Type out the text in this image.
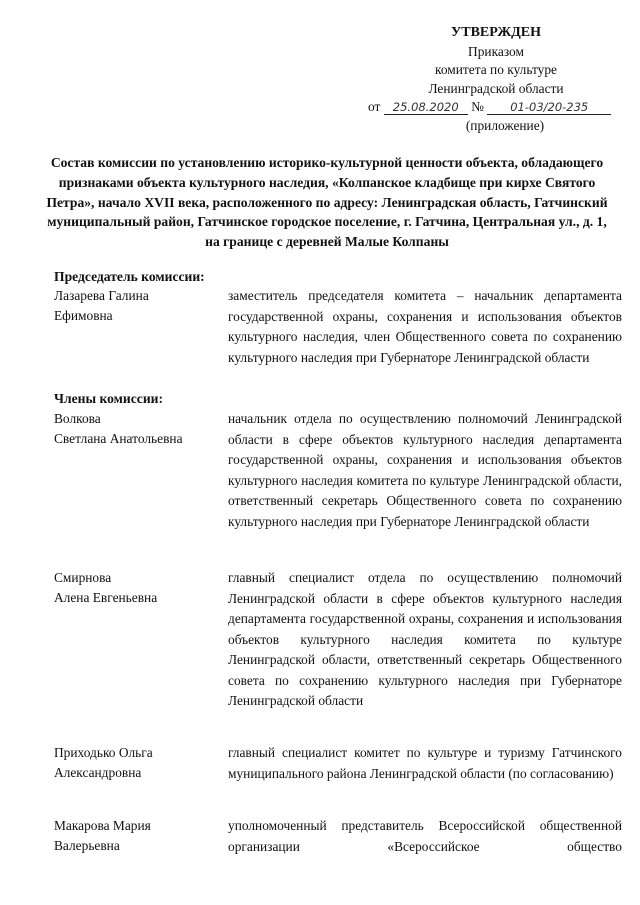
УТВЕРЖДЕН
Приказом
комитета по культуре
Ленинградской области
от 25.08.2020 № 01-03/20-235
(приложение)
Состав комиссии по установлению историко-культурной ценности объекта, обладающего признаками объекта культурного наследия, «Колпанское кладбище при кирхе Святого Петра», начало XVII века, расположенного по адресу: Ленинградская область, Гатчинский муниципальный район, Гатчинское городское поселение, г. Гатчина, Центральная ул., д. 1, на границе с деревней Малые Колпаны
Председатель комиссии:
Лазарева Галина
Ефимовна
заместитель председателя комитета – начальник департамента государственной охраны, сохранения и использования объектов культурного наследия, член Общественного совета по сохранению культурного наследия при Губернаторе Ленинградской области
Члены комиссии:
Волкова
Светлана Анатольевна
начальник отдела по осуществлению полномочий Ленинградской области в сфере объектов культурного наследия департамента государственной охраны, сохранения и использования объектов культурного наследия комитета по культуре Ленинградской области, ответственный секретарь Общественного совета по сохранению культурного наследия при Губернаторе Ленинградской области
Смирнова
Алена Евгеньевна
главный специалист отдела по осуществлению полномочий Ленинградской области в сфере объектов культурного наследия департамента государственной охраны, сохранения и использования объектов культурного наследия комитета по культуре Ленинградской области, ответственный секретарь Общественного совета по сохранению культурного наследия при Губернаторе Ленинградской области
Приходько Ольга
Александровна
главный специалист комитет по культуре и туризму Гатчинского муниципального района Ленинградской области (по согласованию)
Макарова Мария
Валерьевна
уполномоченный представитель Всероссийской общественной организации «Всероссийское общество
